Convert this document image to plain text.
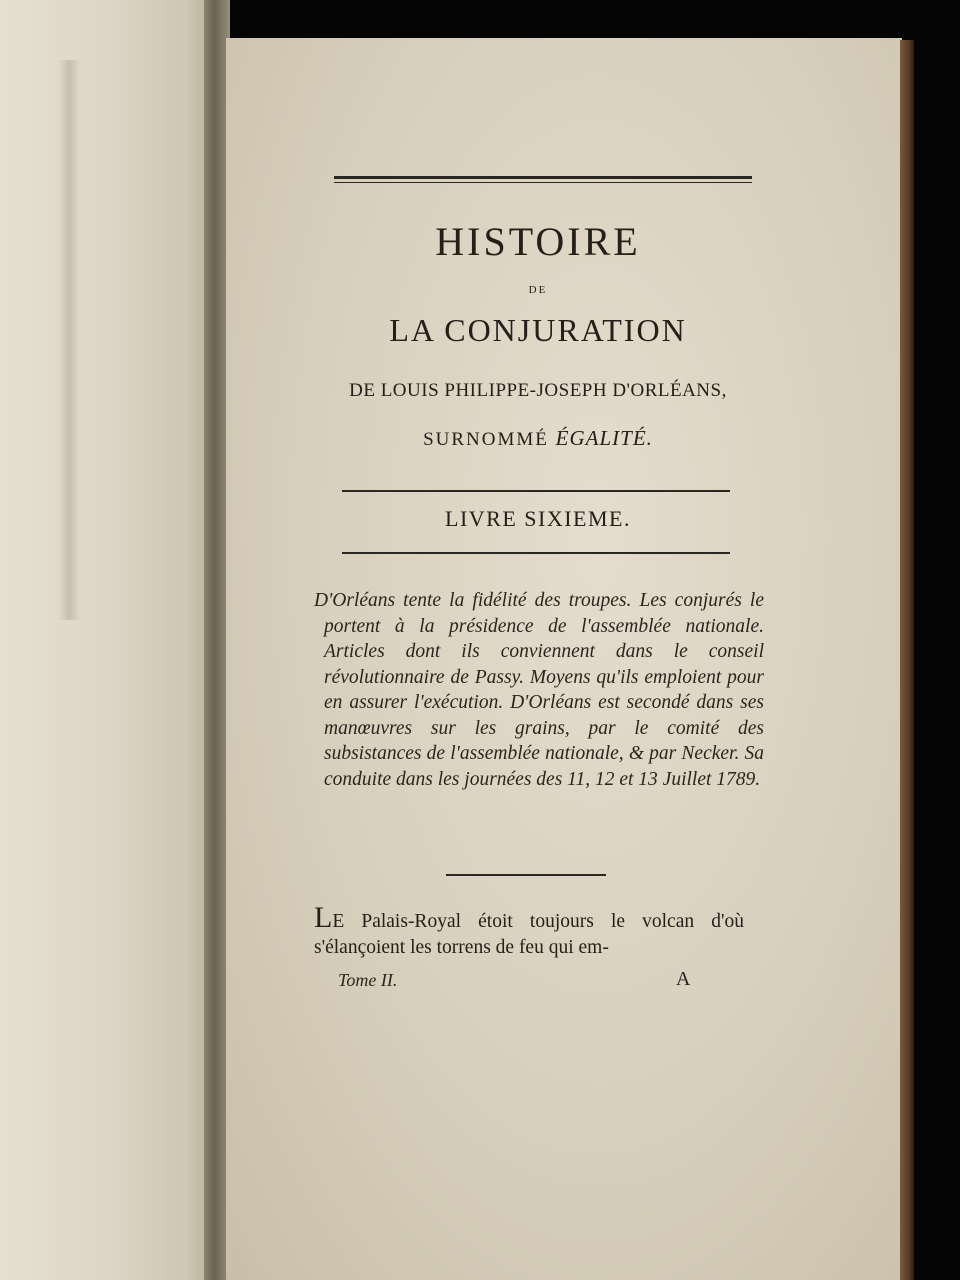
HISTOIRE
DE
LA CONJURATION
DE LOUIS PHILIPPE-JOSEPH D'ORLÉANS,
SURNOMMÉ ÉGALITÉ.
LIVRE SIXIEME.
D'Orléans tente la fidélité des troupes. Les conjurés le portent à la présidence de l'assemblée nationale. Articles dont ils conviennent dans le conseil révolutionnaire de Passy. Moyens qu'ils emploient pour en assurer l'exécution. D'Orléans est secondé dans ses manœuvres sur les grains, par le comité des subsistances de l'assemblée nationale, & par Necker. Sa conduite dans les journées des 11, 12 et 13 Juillet 1789.
LE Palais-Royal étoit toujours le volcan d'où s'élançoient les torrens de feu qui em-
Tome II.	A
